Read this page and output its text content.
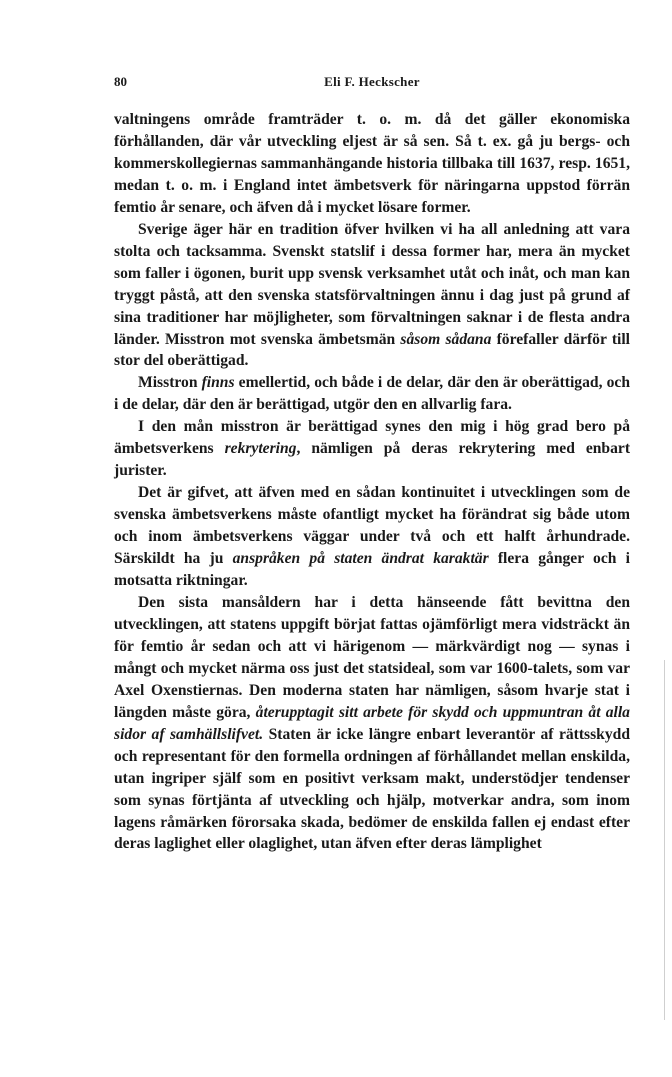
80	Eli F. Heckscher

valtningens område framträder t. o. m. då det gäller ekonomiska förhållanden, där vår utveckling eljest är så sen. Så t. ex. gå ju bergs- och kommerskollegiernas sammanhängande historia tillbaka till 1637, resp. 1651, medan t. o. m. i England intet ämbetsverk för näringarna uppstod förrän femtio år senare, och äfven då i mycket lösare former.

Sverige äger här en tradition öfver hvilken vi ha all anledning att vara stolta och tacksamma. Svenskt statslif i dessa former har, mera än mycket som faller i ögonen, burit upp svensk verksamhet utåt och inåt, och man kan tryggt påstå, att den svenska statsförvaltningen ännu i dag just på grund af sina traditioner har möjligheter, som förvaltningen saknar i de flesta andra länder. Misstron mot svenska ämbetsmän såsom sådana förefaller därför till stor del oberättigad.

Misstron finns emellertid, och både i de delar, där den är oberättigad, och i de delar, där den är berättigad, utgör den en allvarlig fara.

I den mån misstron är berättigad synes den mig i hög grad bero på ämbetsverkens rekrytering, nämligen på deras rekrytering med enbart jurister.

Det är gifvet, att äfven med en sådan kontinuitet i utvecklingen som de svenska ämbetsverkens måste ofantligt mycket ha förändrat sig både utom och inom ämbetsverkens väggar under två och ett halft århundrade. Särskildt ha ju anspråken på staten ändrat karaktär flera gånger och i motsatta riktningar.

Den sista mansåldern har i detta hänseende fått bevittna den utvecklingen, att statens uppgift börjat fattas ojämförligt mera vidsträckt än för femtio år sedan och att vi härigenom — märkvärdigt nog — synas i mångt och mycket närma oss just det statsideal, som var 1600-talets, som var Axel Oxenstiernas. Den moderna staten har nämligen, såsom hvarje stat i längden måste göra, återupptagit sitt arbete för skydd och uppmuntran åt alla sidor af samhällslifvet. Staten är icke längre enbart leverantör af rättsskydd och representant för den formella ordningen af förhållandet mellan enskilda, utan ingriper själf som en positivt verksam makt, understödjer tendenser som synas förtjänta af utveckling och hjälp, motverkar andra, som inom lagens råmärken förorsaka skada, bedömer de enskilda fallen ej endast efter deras laglighet eller olaglighet, utan äfven efter deras lämplighet
